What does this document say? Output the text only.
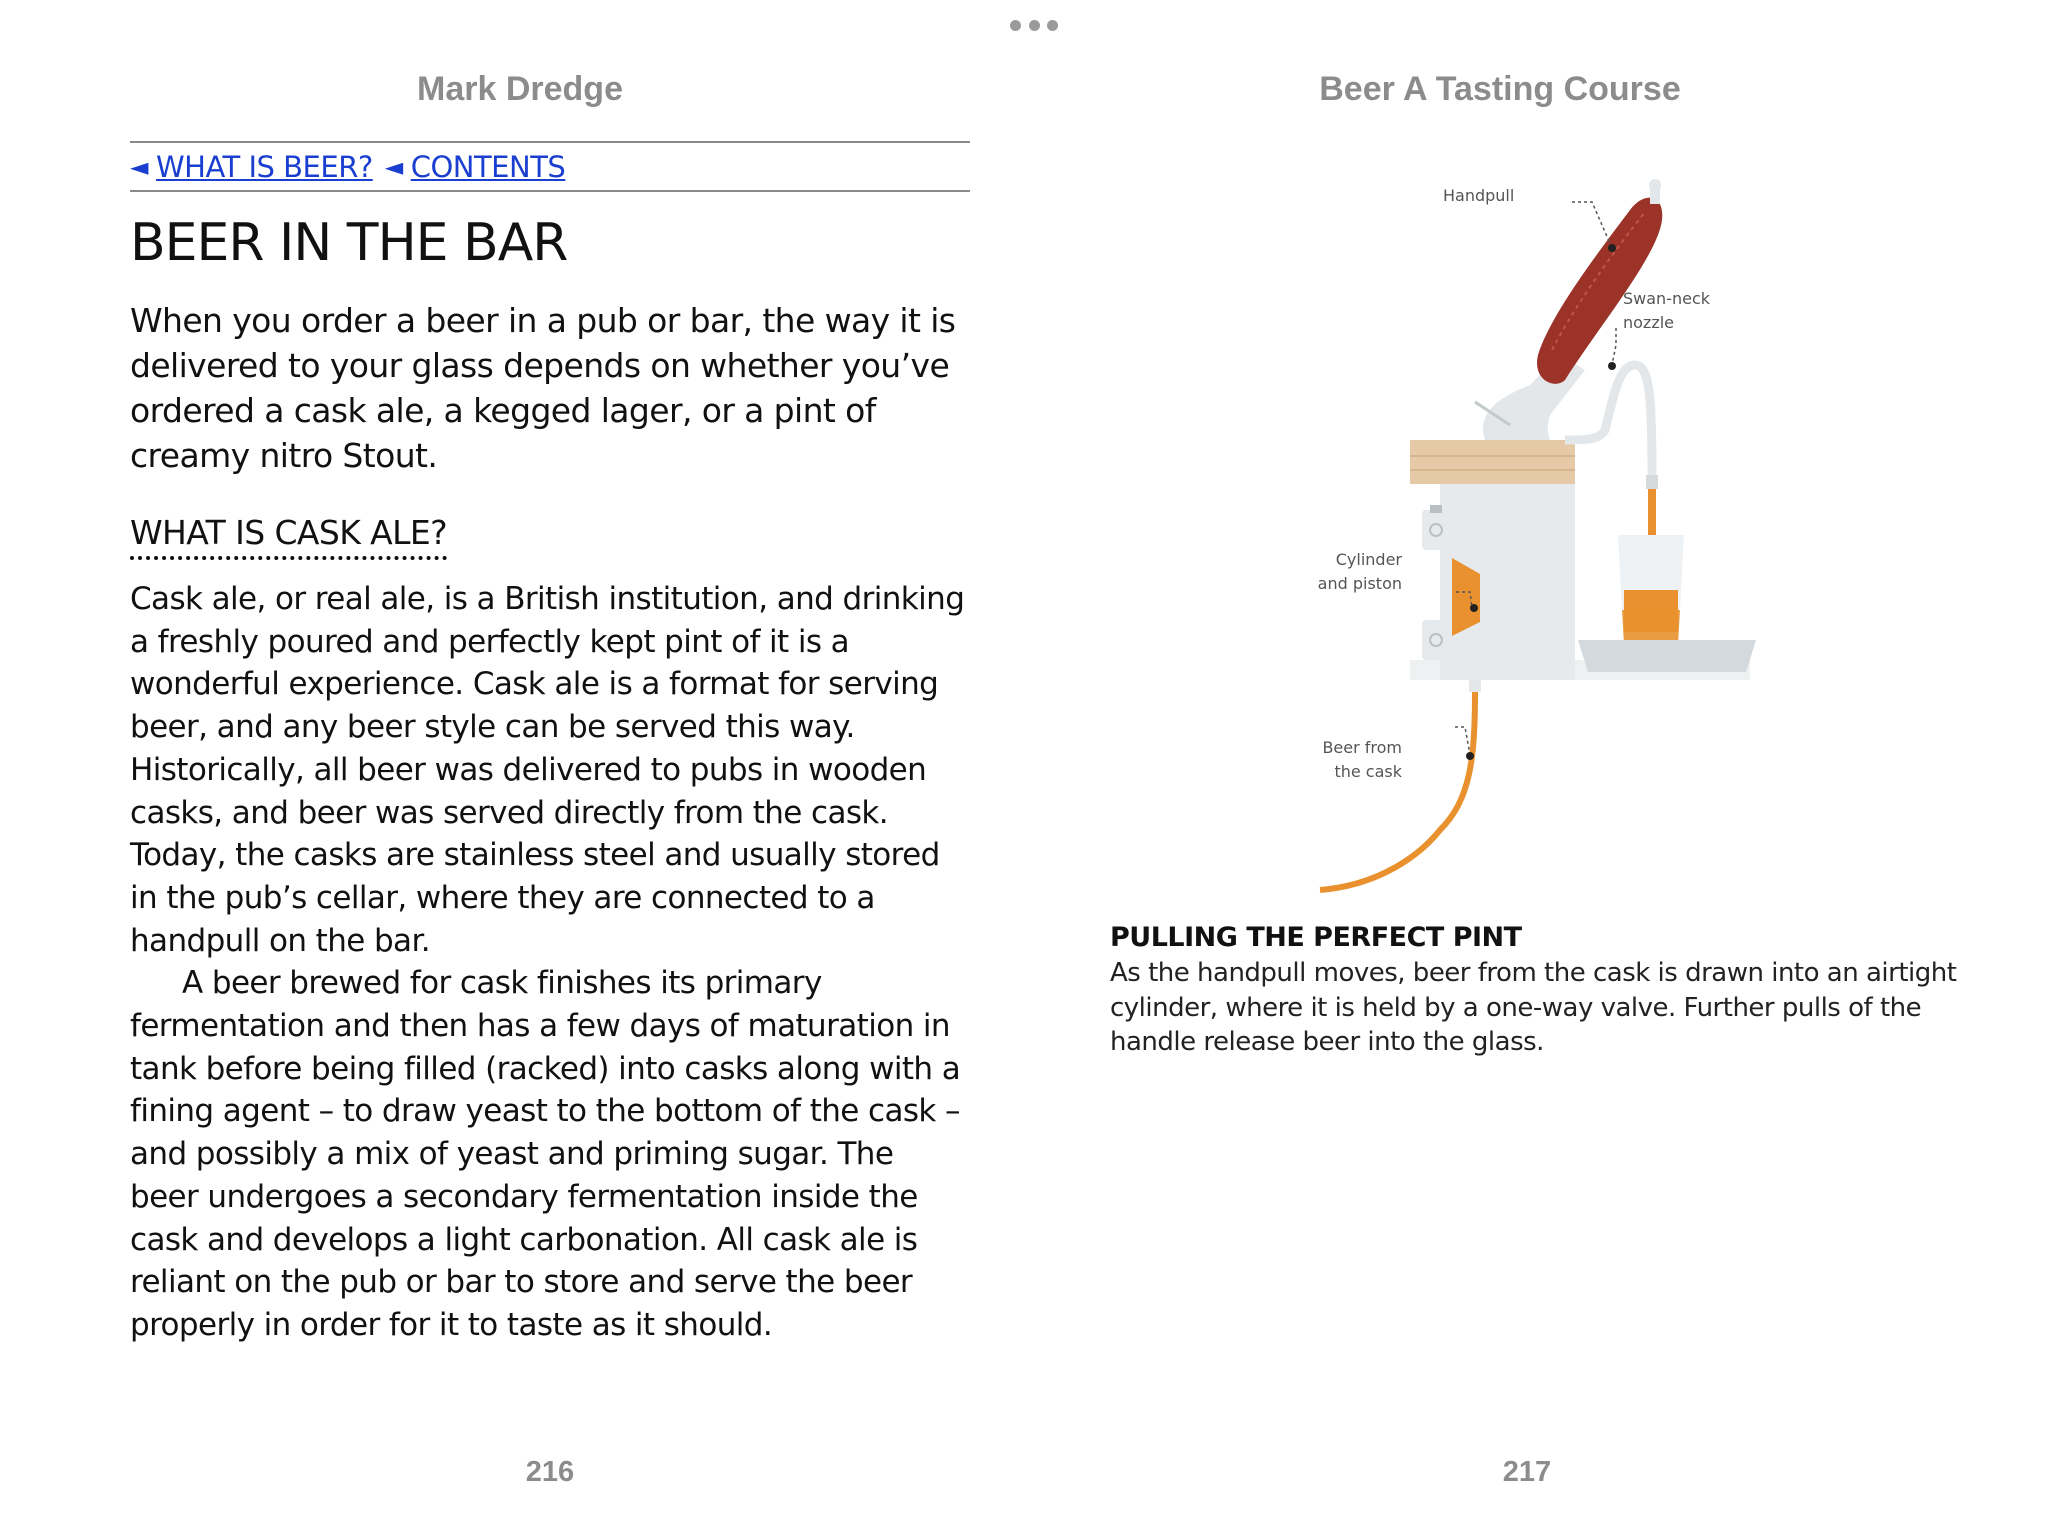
Mark Dredge	Beer A Tasting Course
◄ WHAT IS BEER? ◄ CONTENTS
BEER IN THE BAR

When you order a beer in a pub or bar, the way it is delivered to your glass depends on whether you’ve ordered a cask ale, a kegged lager, or a pint of creamy nitro Stout.

WHAT IS CASK ALE?

Cask ale, or real ale, is a British institution, and drinking a freshly poured and perfectly kept pint of it is a wonderful experience. Cask ale is a format for serving beer, and any beer style can be served this way. Historically, all beer was delivered to pubs in wooden casks, and beer was served directly from the cask. Today, the casks are stainless steel and usually stored in the pub’s cellar, where they are connected to a handpull on the bar.

A beer brewed for cask finishes its primary fermentation and then has a few days of maturation in tank before being filled (racked) into casks along with a fining agent – to draw yeast to the bottom of the cask – and possibly a mix of yeast and priming sugar. The beer undergoes a secondary fermentation inside the cask and develops a light carbonation. All cask ale is reliant on the pub or bar to store and serve the beer properly in order for it to taste as it should.

Handpull
Swan-neck
nozzle
Cylinder
and piston
Beer from
the cask
PULLING THE PERFECT PINT
As the handpull moves, beer from the cask is drawn into an airtight cylinder, where it is held by a one-way valve. Further pulls of the handle release beer into the glass.
216	217
